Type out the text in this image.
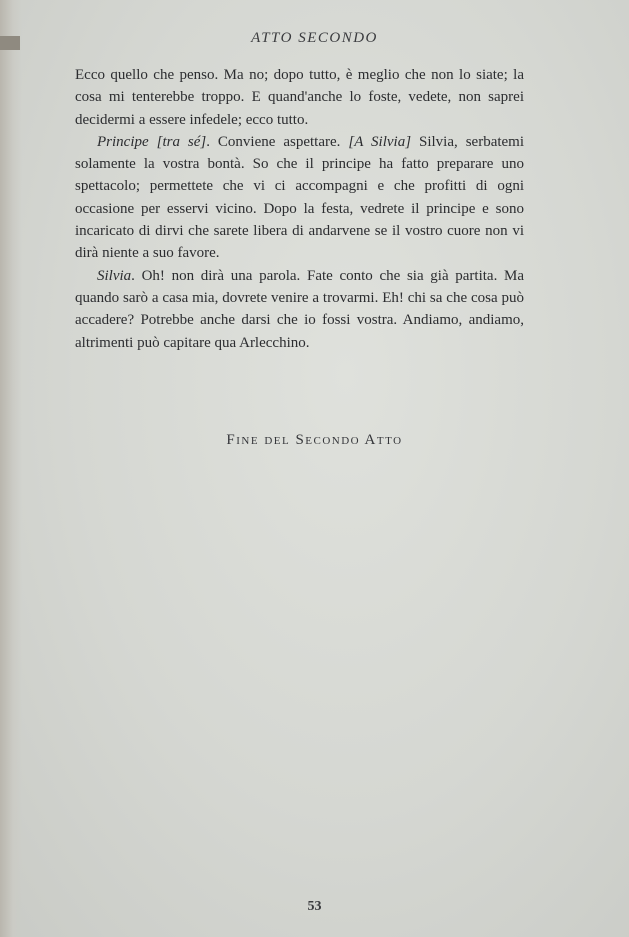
ATTO SECONDO

Ecco quello che penso. Ma no; dopo tutto, è meglio che non lo siate; la cosa mi tenterebbe troppo. E quand'anche lo foste, vedete, non saprei decidermi a essere infedele; ecco tutto.

Principe [tra sé]. Conviene aspettare. [A Silvia] Silvia, serbatemi solamente la vostra bontà. So che il principe ha fatto preparare uno spettacolo; permettete che vi ci accompagni e che profitti di ogni occasione per esservi vicino. Dopo la festa, vedrete il principe e sono incaricato di dirvi che sarete libera di andarvene se il vostro cuore non vi dirà niente a suo favore.

Silvia. Oh! non dirà una parola. Fate conto che sia già partita. Ma quando sarò a casa mia, dovrete venire a trovarmi. Eh! chi sa che cosa può accadere? Potrebbe anche darsi che io fossi vostra. Andiamo, andiamo, altrimenti può capitare qua Arlecchino.

Fine del Secondo Atto
53
